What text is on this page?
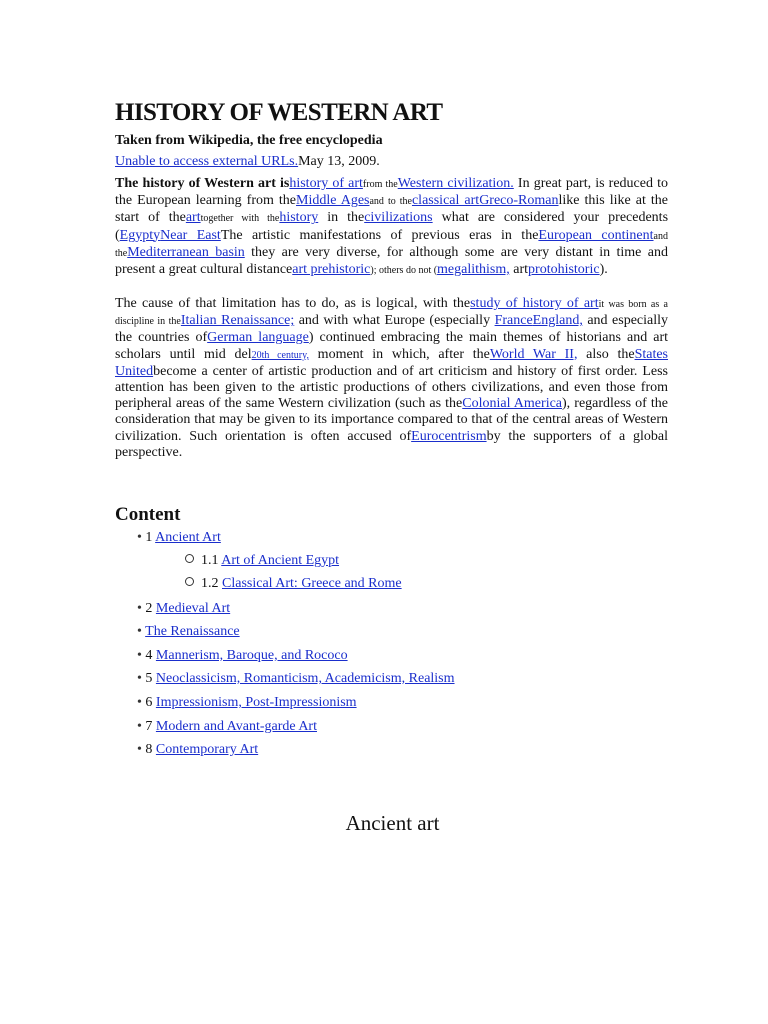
HISTORY OF WESTERN ART
Taken from Wikipedia, the free encyclopedia
Unable to access external URLs.May 13, 2009.
The history of Western art ishistory of artfrom theWestern civilization. In great part, is reduced to the European learning from theMiddle Agesand to theclassical artGreco-Romanlike this like at the start of thearttogether with thehistory in thecivilizations what are considered your precedents (EgyptyNear EastThe artistic manifestations of previous eras in theEuropean continentand theMediterranean basin they are very diverse, for although some are very distant in time and present a great cultural distanceart prehistoric); others do not (megalithism, artprotohistoric).
The cause of that limitation has to do, as is logical, with thestudy of history of artit was born as a discipline in theItalian Renaissance; and with what Europe (especially FranceEngland, and especially the countries ofGerman language) continued embracing the main themes of historians and art scholars until mid del20th century, moment in which, after theWorld War II, also theStates Unitedbecome a center of artistic production and of art criticism and history of first order. Less attention has been given to the artistic productions of others civilizations, and even those from peripheral areas of the same Western civilization (such as theColonial America), regardless of the consideration that may be given to its importance compared to that of the central areas of Western civilization. Such orientation is often accused ofEurocentrismby the supporters of a global perspective.
Content
• 1 Ancient Art
1.1 Art of Ancient Egypt
1.2 Classical Art: Greece and Rome
• 2 Medieval Art
• The Renaissance
• 4 Mannerism, Baroque, and Rococo
• 5 Neoclassicism, Romanticism, Academicism, Realism
• 6 Impressionism, Post-Impressionism
• 7 Modern and Avant-garde Art
• 8 Contemporary Art
Ancient art
